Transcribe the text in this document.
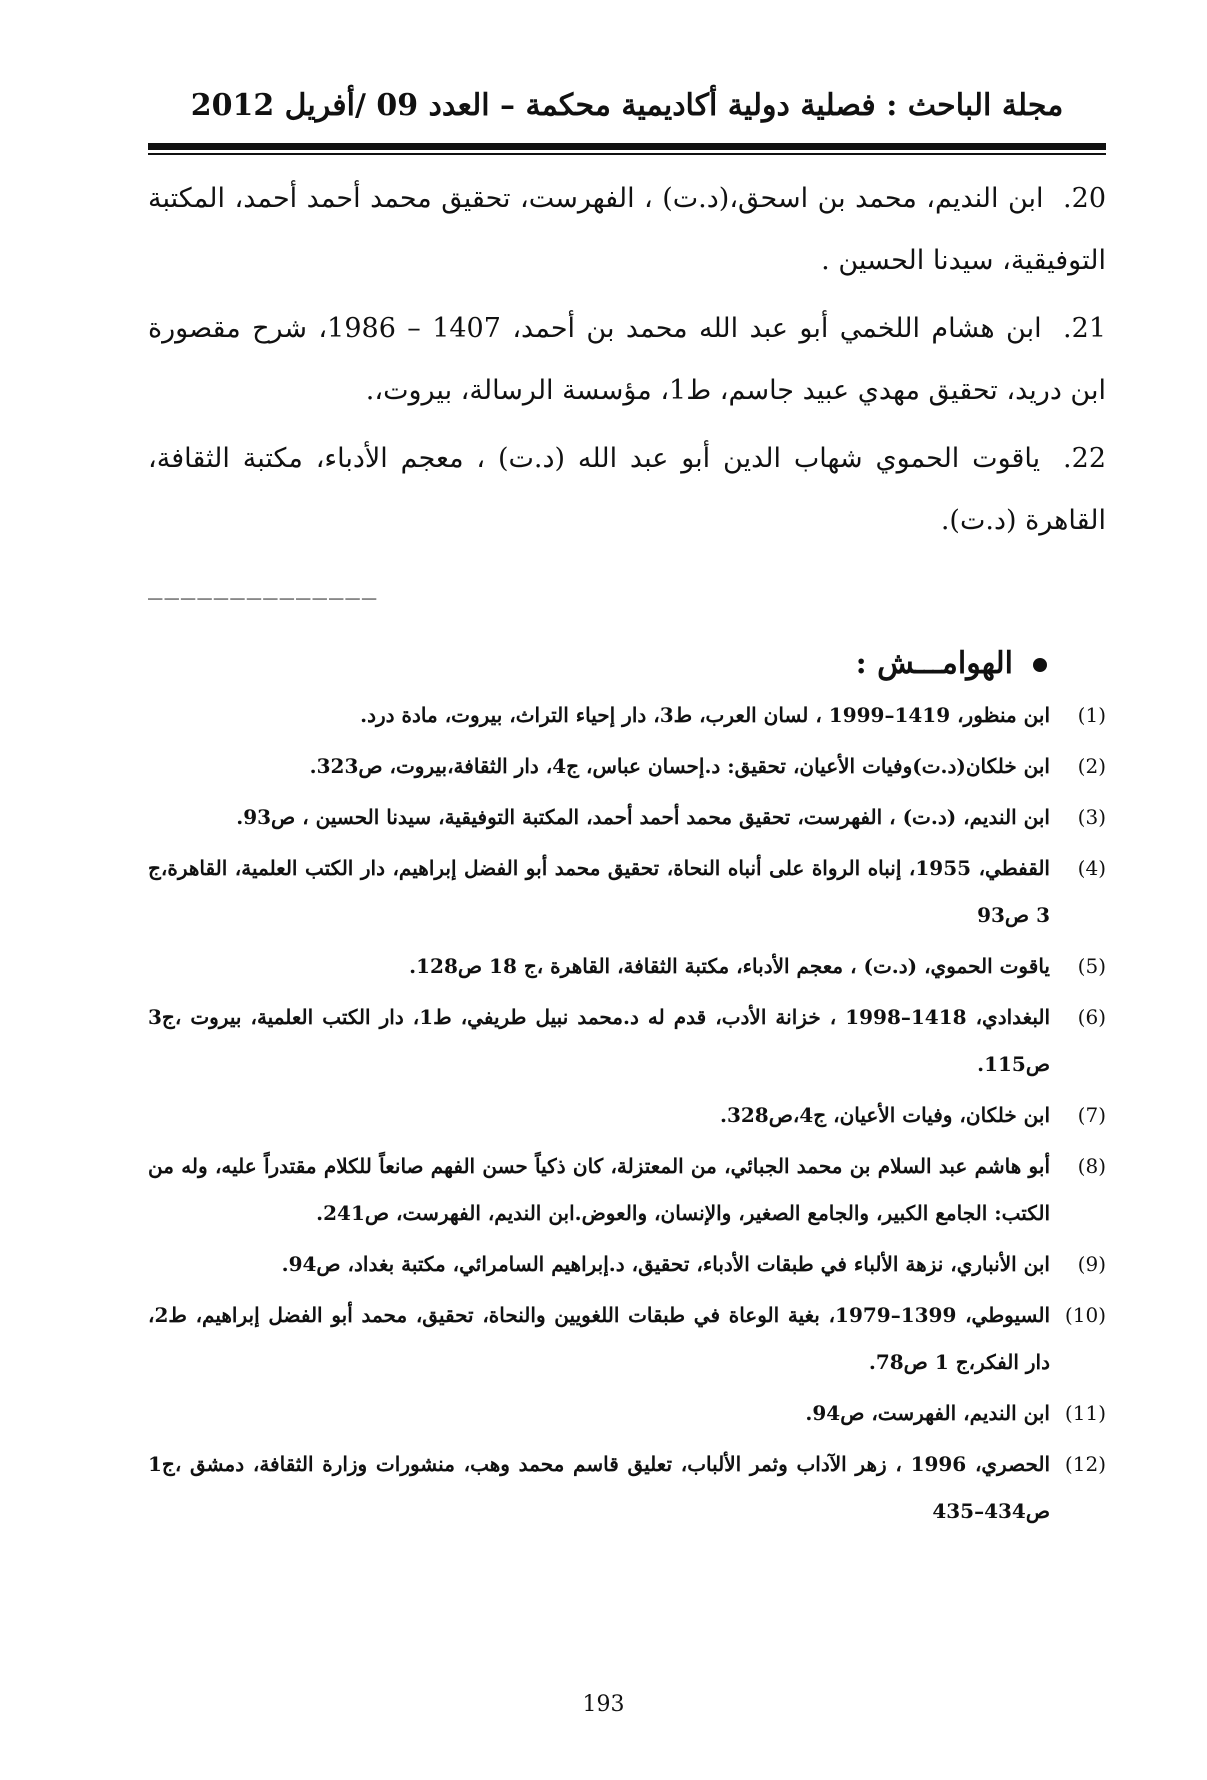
مجلة الباحث : فصلية دولية أكاديمية محكمة – العدد 09 /أفريل 2012

20. ابن النديم، محمد بن اسحق،(د.ت) ، الفهرست، تحقيق محمد أحمد أحمد، المكتبة التوفيقية، سيدنا الحسين .

21. ابن هشام اللخمي أبو عبد الله محمد بن أحمد، 1407 – 1986، شرح مقصورة ابن دريد، تحقيق مهدي عبيد جاسم، ط1، مؤسسة الرسالة، بيروت،.

22. ياقوت الحموي شهاب الدين أبو عبد الله (د.ت) ، معجم الأدباء، مكتبة الثقافة، القاهرة (د.ت).

______________
الهوامـــش :
(1)
ابن منظور، 1419–1999 ، لسان العرب، ط3، دار إحياء التراث، بيروت، مادة درد.
(2)
ابن خلكان(د.ت)وفيات الأعيان، تحقيق: د.إحسان عباس، ج4، دار الثقافة،بيروت، ص323.
(3)
ابن النديم، (د.ت) ، الفهرست، تحقيق محمد أحمد أحمد، المكتبة التوفيقية، سيدنا الحسين ، ص93.
(4)
القفطي، 1955، إنباه الرواة على أنباه النحاة، تحقيق محمد أبو الفضل إبراهيم، دار الكتب العلمية، القاهرة،ج 3 ص93
(5)
ياقوت الحموي، (د.ت) ، معجم الأدباء، مكتبة الثقافة، القاهرة ،ج 18 ص128.
(6)
البغدادي، 1418–1998 ، خزانة الأدب، قدم له د.محمد نبيل طريفي، ط1، دار الكتب العلمية، بيروت ،ج3 ص115.
(7)
ابن خلكان، وفيات الأعيان، ج4،ص328.
(8)
أبو هاشم عبد السلام بن محمد الجبائي، من المعتزلة، كان ذكياً حسن الفهم صانعاً للكلام مقتدراً عليه، وله من الكتب: الجامع الكبير، والجامع الصغير، والإنسان، والعوض.ابن النديم، الفهرست، ص241.
(9)
ابن الأنباري، نزهة الألباء في طبقات الأدباء، تحقيق، د.إبراهيم السامرائي، مكتبة بغداد، ص94.
(10)
السيوطي، 1399–1979، بغية الوعاة في طبقات اللغويين والنحاة، تحقيق، محمد أبو الفضل إبراهيم، ط2، دار الفكر،ج 1 ص78.
(11)
ابن النديم، الفهرست، ص94.
(12)
الحصري، 1996 ، زهر الآداب وثمر الألباب، تعليق قاسم محمد وهب، منشورات وزارة الثقافة، دمشق ،ج1 ص434–435
193
